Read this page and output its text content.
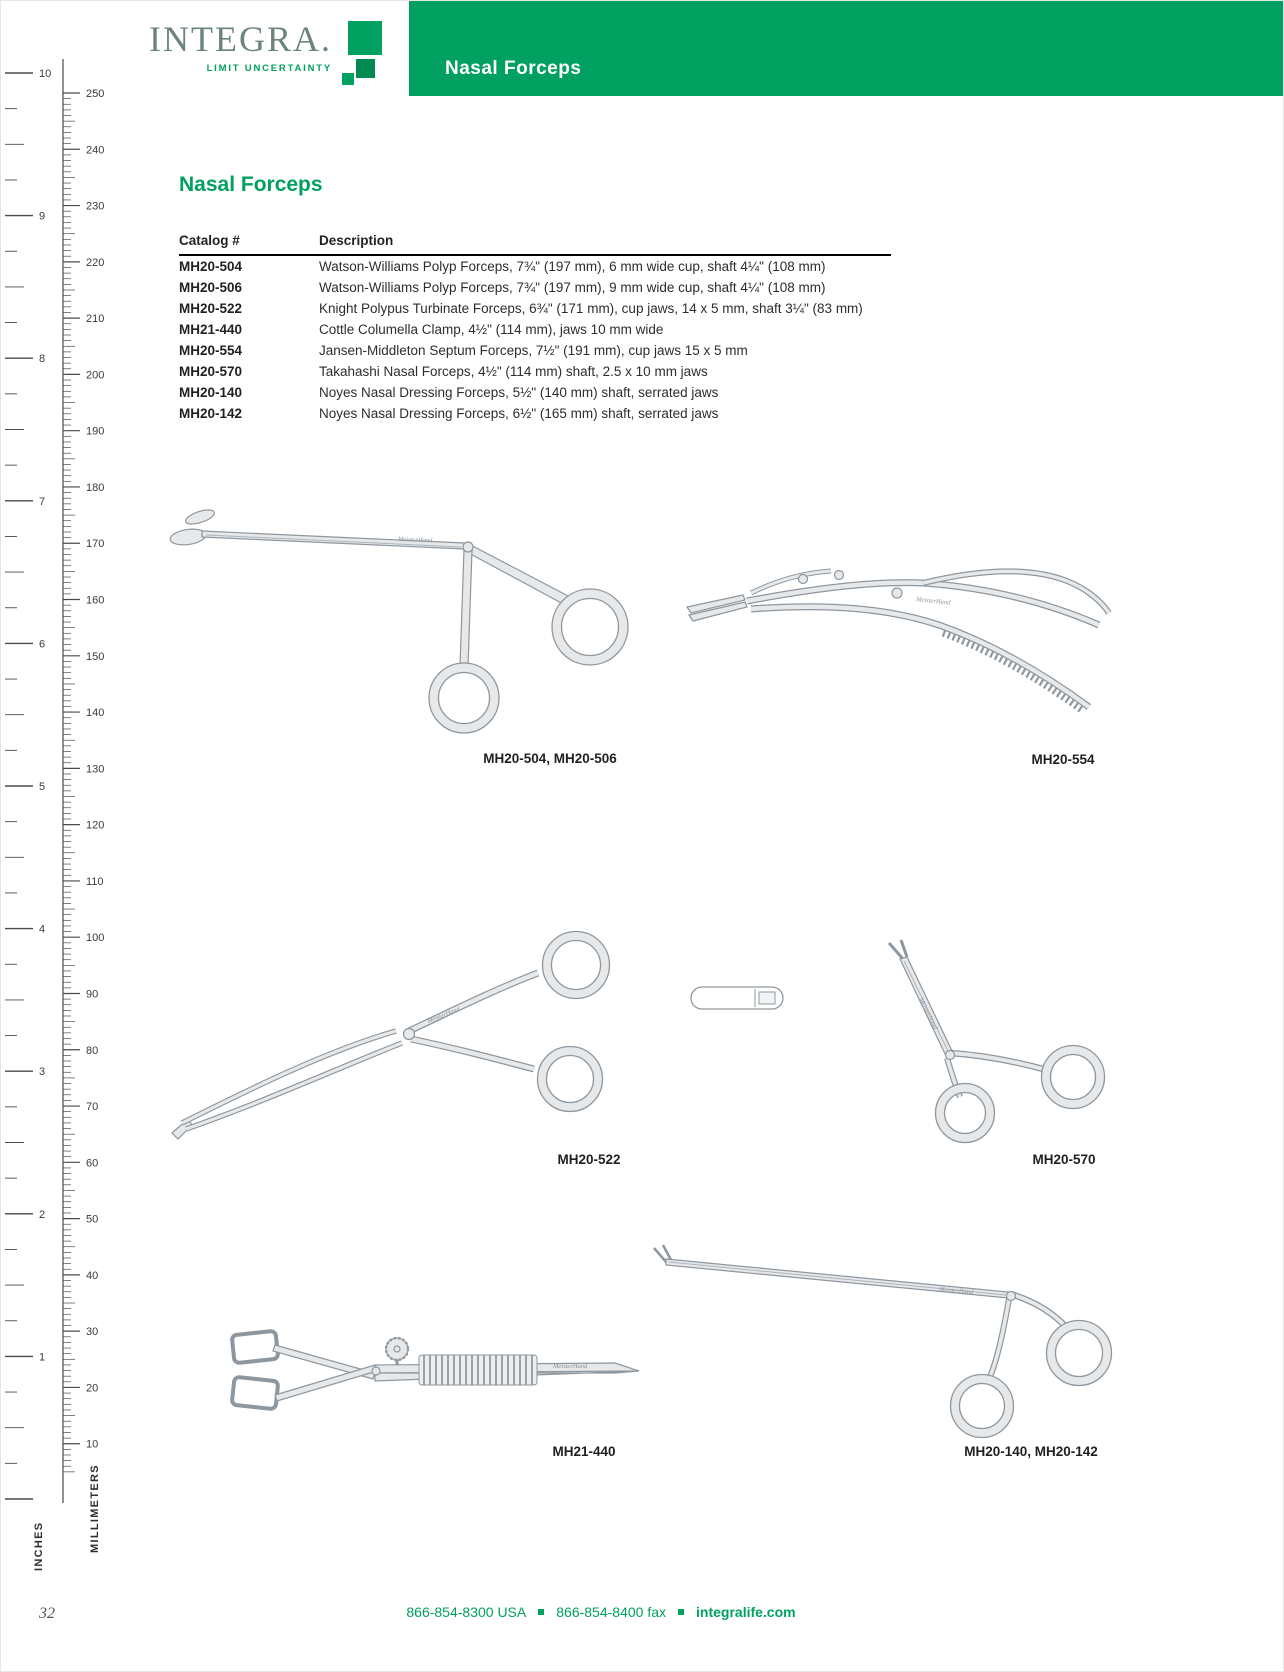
250
240
230
220
210
200
190
180
170
160
150
140
130
120
110
100
90
80
70
60
50
40
30
20
10
10
9
8
7
6
5
4
3
2
1
INCHES	MILLIMETERS
INTEGRA.
LIMIT UNCERTAINTY	Nasal Forceps
Nasal Forceps
Catalog #	Description
MH20-504	Watson-Williams Polyp Forceps, 7¾" (197 mm), 6 mm wide cup, shaft 4¼" (108 mm)
MH20-506	Watson-Williams Polyp Forceps, 7¾" (197 mm), 9 mm wide cup, shaft 4¼" (108 mm)
MH20-522	Knight Polypus Turbinate Forceps, 6¾" (171 mm), cup jaws, 14 x 5 mm, shaft 3¼" (83 mm)
MH21-440	Cottle Columella Clamp, 4½" (114 mm), jaws 10 mm wide
MH20-554	Jansen-Middleton Septum Forceps, 7½" (191 mm), cup jaws 15 x 5 mm
MH20-570	Takahashi Nasal Forceps, 4½" (114 mm) shaft, 2.5 x 10 mm jaws
MH20-140	Noyes Nasal Dressing Forceps, 5½" (140 mm) shaft, serrated jaws
MH20-142	Noyes Nasal Dressing Forceps, 6½" (165 mm) shaft, serrated jaws
MeisterHand
MH20-504, MH20-506
MeisterHand
MH20-554
MeisterHand
MH20-522
MeisterHand
MH20-570
MeisterHand
MH21-440
MeisterHand
MH20-140, MH20-142
866-854-8300 USA 866-854-8400 fax integralife.com
32
